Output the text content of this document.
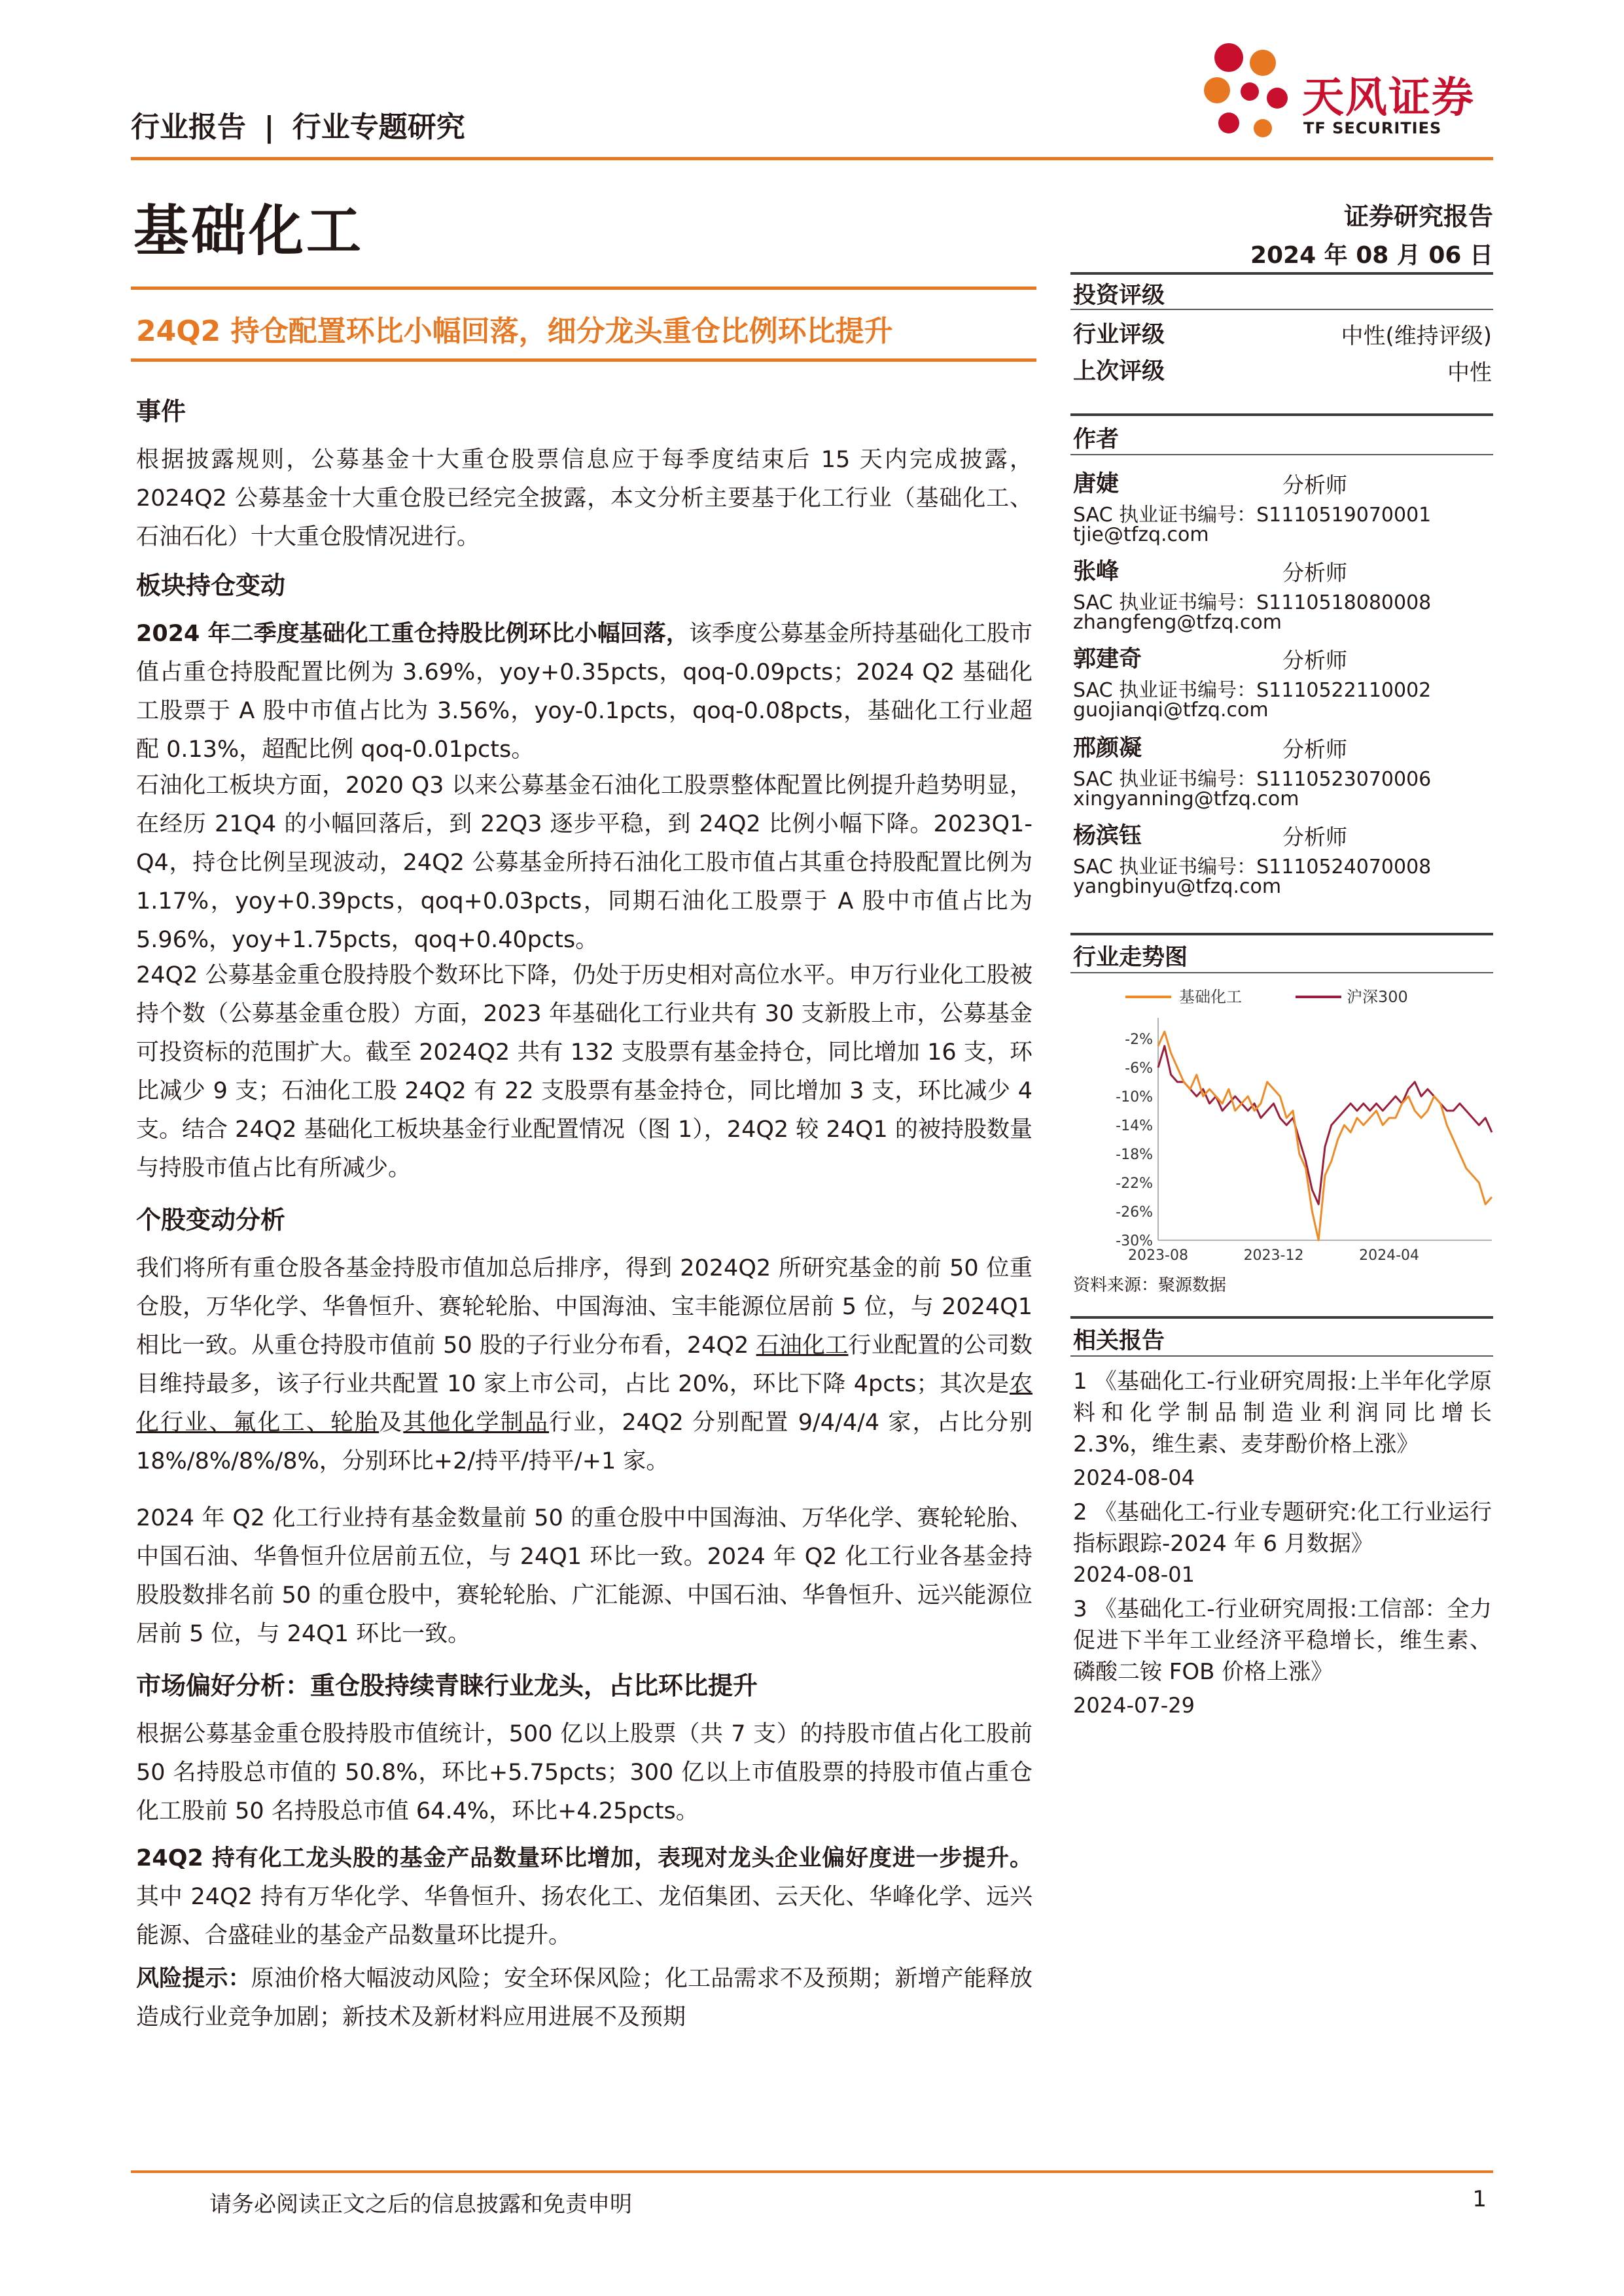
行业报告 | 行业专题研究
天风证券
TF SECURITIES
基础化工	证券研究报告
2024 年 08 月 06 日
24Q2 持仓配置环比小幅回落，细分龙头重仓比例环比提升
投资评级
行业评级	中性(维持评级)
上次评级	中性
作者
唐婕	分析师
SAC 执业证书编号：S1110519070001
tjie@tfzq.com
张峰	分析师
SAC 执业证书编号：S1110518080008
zhangfeng@tfzq.com
郭建奇	分析师
SAC 执业证书编号：S1110522110002
guojianqi@tfzq.com
邢颜凝	分析师
SAC 执业证书编号：S1110523070006
xingyanning@tfzq.com
杨滨钰	分析师
SAC 执业证书编号：S1110524070008
yangbinyu@tfzq.com
行业走势图
基础化工	沪深300
-2%
-6%
-10%
-14%
-18%
-22%
-26%
-30%
2023-08	2023-12	2024-04
资料来源：聚源数据
相关报告
1 《基础化工-行业研究周报:上半年化学原料和化学制品制造业利润同比增长 2.3%，维生素、麦芽酚价格上涨》
2024-08-04
2 《基础化工-行业专题研究:化工行业运行指标跟踪-2024 年 6 月数据》
2024-08-01
3 《基础化工-行业研究周报:工信部：全力促进下半年工业经济平稳增长，维生素、磷酸二铵 FOB 价格上涨》
2024-07-29
事件

根据披露规则，公募基金十大重仓股票信息应于每季度结束后 15 天内完成披露，2024Q2 公募基金十大重仓股已经完全披露，本文分析主要基于化工行业（基础化工、石油石化）十大重仓股情况进行。

板块持仓变动

2024 年二季度基础化工重仓持股比例环比小幅回落，该季度公募基金所持基础化工股市值占重仓持股配置比例为 3.69%，yoy+0.35pcts，qoq-0.09pcts；2024 Q2 基础化工股票于 A 股中市值占比为 3.56%，yoy-0.1pcts，qoq-0.08pcts，基础化工行业超配 0.13%，超配比例 qoq-0.01pcts。

石油化工板块方面，2020 Q3 以来公募基金石油化工股票整体配置比例提升趋势明显，在经历 21Q4 的小幅回落后，到 22Q3 逐步平稳，到 24Q2 比例小幅下降。2023Q1-Q4，持仓比例呈现波动，24Q2 公募基金所持石油化工股市值占其重仓持股配置比例为 1.17%，yoy+0.39pcts，qoq+0.03pcts，同期石油化工股票于 A 股中市值占比为 5.96%，yoy+1.75pcts，qoq+0.40pcts。

24Q2 公募基金重仓股持股个数环比下降，仍处于历史相对高位水平。申万行业化工股被持个数（公募基金重仓股）方面，2023 年基础化工行业共有 30 支新股上市，公募基金可投资标的范围扩大。截至 2024Q2 共有 132 支股票有基金持仓，同比增加 16 支，环比减少 9 支；石油化工股 24Q2 有 22 支股票有基金持仓，同比增加 3 支，环比减少 4 支。结合 24Q2 基础化工板块基金行业配置情况（图 1），24Q2 较 24Q1 的被持股数量与持股市值占比有所减少。

个股变动分析

我们将所有重仓股各基金持股市值加总后排序，得到 2024Q2 所研究基金的前 50 位重仓股，万华化学、华鲁恒升、赛轮轮胎、中国海油、宝丰能源位居前 5 位，与 2024Q1 相比一致。从重仓持股市值前 50 股的子行业分布看，24Q2 石油化工行业配置的公司数目维持最多，该子行业共配置 10 家上市公司，占比 20%，环比下降 4pcts；其次是农化行业、氟化工、轮胎及其他化学制品行业，24Q2 分别配置 9/4/4/4 家，占比分别 18%/8%/8%/8%，分别环比+2/持平/持平/+1 家。

2024 年 Q2 化工行业持有基金数量前 50 的重仓股中中国海油、万华化学、赛轮轮胎、中国石油、华鲁恒升位居前五位，与 24Q1 环比一致。2024 年 Q2 化工行业各基金持股股数排名前 50 的重仓股中，赛轮轮胎、广汇能源、中国石油、华鲁恒升、远兴能源位居前 5 位，与 24Q1 环比一致。

市场偏好分析：重仓股持续青睐行业龙头，占比环比提升

根据公募基金重仓股持股市值统计，500 亿以上股票（共 7 支）的持股市值占化工股前 50 名持股总市值的 50.8%，环比+5.75pcts；300 亿以上市值股票的持股市值占重仓化工股前 50 名持股总市值 64.4%，环比+4.25pcts。

24Q2 持有化工龙头股的基金产品数量环比增加，表现对龙头企业偏好度进一步提升。其中 24Q2 持有万华化学、华鲁恒升、扬农化工、龙佰集团、云天化、华峰化学、远兴能源、合盛硅业的基金产品数量环比提升。

风险提示：原油价格大幅波动风险；安全环保风险；化工品需求不及预期；新增产能释放造成行业竞争加剧；新技术及新材料应用进展不及预期

请务必阅读正文之后的信息披露和免责申明	1
